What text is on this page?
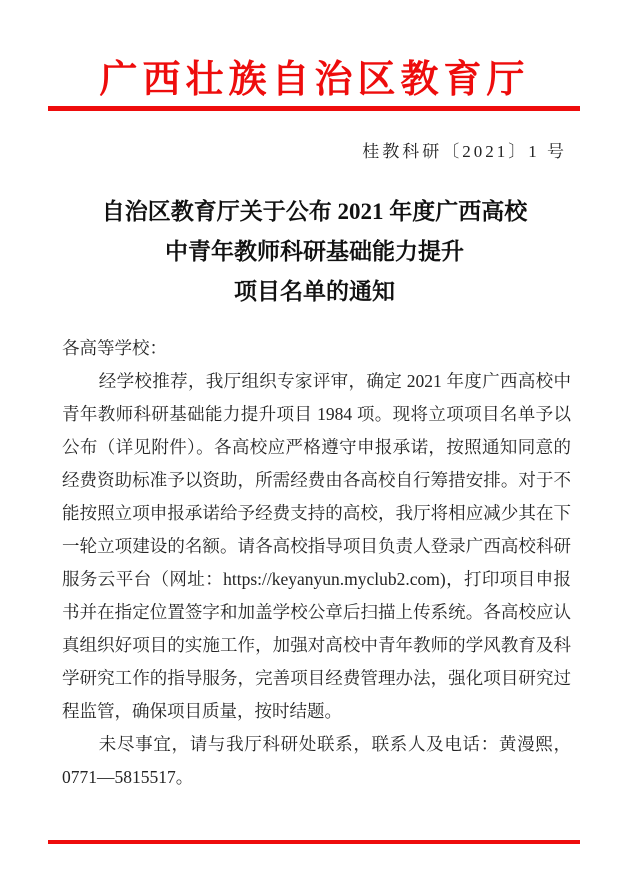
广西壮族自治区教育厅
桂教科研〔2021〕1 号
自治区教育厅关于公布 2021 年度广西高校
中青年教师科研基础能力提升
项目名单的通知

各高等学校：

经学校推荐，我厅组织专家评审，确定 2021 年度广西高校中青年教师科研基础能力提升项目 1984 项。现将立项项目名单予以公布（详见附件）。各高校应严格遵守申报承诺，按照通知同意的经费资助标准予以资助，所需经费由各高校自行筹措安排。对于不能按照立项申报承诺给予经费支持的高校，我厅将相应减少其在下一轮立项建设的名额。请各高校指导项目负责人登录广西高校科研服务云平台（网址：https://keyanyun.myclub2.com)，打印项目申报书并在指定位置签字和加盖学校公章后扫描上传系统。各高校应认真组织好项目的实施工作，加强对高校中青年教师的学风教育及科学研究工作的指导服务，完善项目经费管理办法，强化项目研究过程监管，确保项目质量，按时结题。

未尽事宜，请与我厅科研处联系，联系人及电话：黄漫熙，0771—5815517。
